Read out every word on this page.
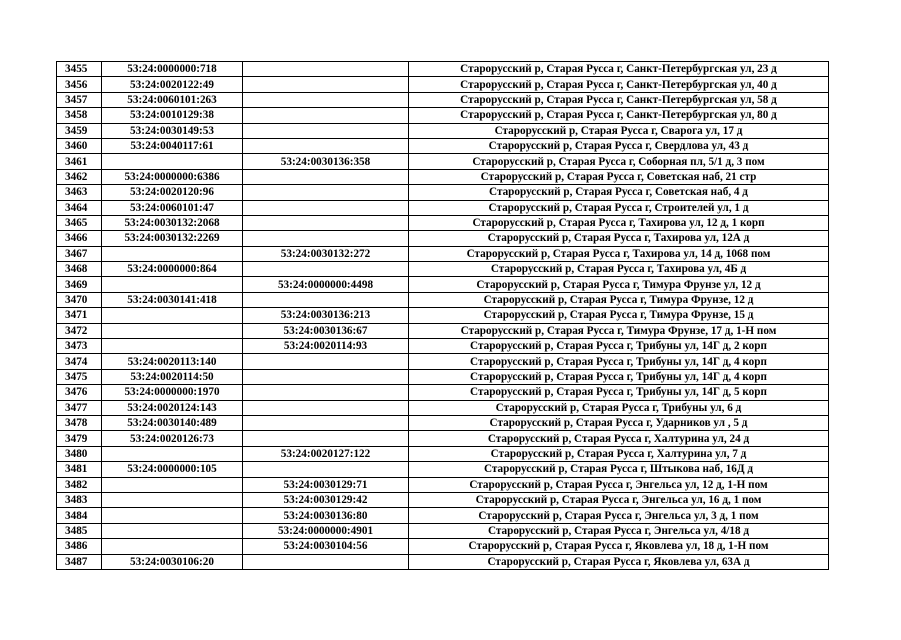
3455	53:24:0000000:718		Старорусский р, Старая Русса г, Санкт-Петербургская ул, 23 д
3456	53:24:0020122:49		Старорусский р, Старая Русса г, Санкт-Петербургская ул, 40 д
3457	53:24:0060101:263		Старорусский р, Старая Русса г, Санкт-Петербургская ул, 58 д
3458	53:24:0010129:38		Старорусский р, Старая Русса г, Санкт-Петербургская ул, 80 д
3459	53:24:0030149:53		Старорусский р, Старая Русса г, Сварога ул, 17 д
3460	53:24:0040117:61		Старорусский р, Старая Русса г, Свердлова ул, 43 д
3461		53:24:0030136:358	Старорусский р, Старая Русса г, Соборная пл, 5/1 д, 3 пом
3462	53:24:0000000:6386		Старорусский р, Старая Русса г, Советская наб, 21 стр
3463	53:24:0020120:96		Старорусский р, Старая Русса г, Советская наб, 4 д
3464	53:24:0060101:47		Старорусский р, Старая Русса г, Строителей ул, 1 д
3465	53:24:0030132:2068		Старорусский р, Старая Русса г, Тахирова ул, 12 д, 1 корп
3466	53:24:0030132:2269		Старорусский р, Старая Русса г, Тахирова ул, 12А д
3467		53:24:0030132:272	Старорусский р, Старая Русса г, Тахирова ул, 14 д, 1068 пом
3468	53:24:0000000:864		Старорусский р, Старая Русса г, Тахирова ул, 4Б д
3469		53:24:0000000:4498	Старорусский р, Старая Русса г, Тимура Фрунзе ул, 12 д
3470	53:24:0030141:418		Старорусский р, Старая Русса г, Тимура Фрунзе, 12 д
3471		53:24:0030136:213	Старорусский р, Старая Русса г, Тимура Фрунзе, 15 д
3472		53:24:0030136:67	Старорусский р, Старая Русса г, Тимура Фрунзе, 17 д, 1-Н пом
3473		53:24:0020114:93	Старорусский р, Старая Русса г, Трибуны ул, 14Г д, 2 корп
3474	53:24:0020113:140		Старорусский р, Старая Русса г, Трибуны ул, 14Г д, 4 корп
3475	53:24:0020114:50		Старорусский р, Старая Русса г, Трибуны ул, 14Г д, 4 корп
3476	53:24:0000000:1970		Старорусский р, Старая Русса г, Трибуны ул, 14Г д, 5 корп
3477	53:24:0020124:143		Старорусский р, Старая Русса г, Трибуны ул, 6 д
3478	53:24:0030140:489		Старорусский р, Старая Русса г, Ударников ул , 5 д
3479	53:24:0020126:73		Старорусский р, Старая Русса г, Халтурина ул, 24 д
3480		53:24:0020127:122	Старорусский р, Старая Русса г, Халтурина ул, 7 д
3481	53:24:0000000:105		Старорусский р, Старая Русса г, Штыкова наб, 16Д д
3482		53:24:0030129:71	Старорусский р, Старая Русса г, Энгельса ул, 12 д, 1-Н пом
3483		53:24:0030129:42	Старорусский р, Старая Русса г, Энгельса ул, 16 д, 1 пом
3484		53:24:0030136:80	Старорусский р, Старая Русса г, Энгельса ул, 3 д, 1 пом
3485		53:24:0000000:4901	Старорусский р, Старая Русса г, Энгельса ул, 4/18 д
3486		53:24:0030104:56	Старорусский р, Старая Русса г, Яковлева ул, 18 д, 1-Н пом
3487	53:24:0030106:20		Старорусский р, Старая Русса г, Яковлева ул, 63А д
